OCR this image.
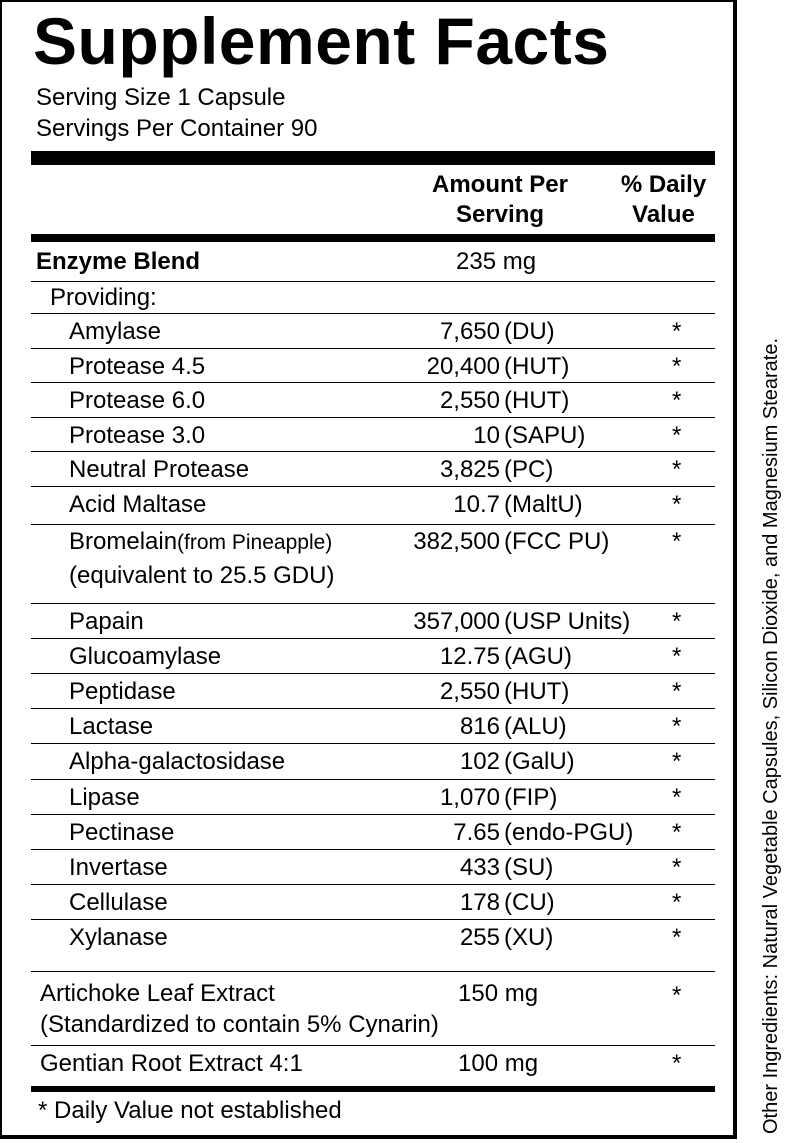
Supplement Facts
Serving Size 1 Capsule
Servings Per Container 90
Amount Per
Serving
% Daily
Value
Enzyme Blend	235 mg
Providing:
Amylase	7,650 (DU)	*
Protease 4.5	20,400 (HUT)	*
Protease 6.0	2,550 (HUT)	*
Protease 3.0	10 (SAPU)	*
Neutral Protease	3,825 (PC)	*
Acid Maltase	10.7 (MaltU)	*
Bromelain(from Pineapple)	382,500 (FCC PU)	*
(equivalent to 25.5 GDU)
Papain	357,000 (USP Units) *
Glucoamylase	12.75 (AGU)	*
Peptidase	2,550 (HUT)	*
Lactase	816 (ALU)	*
Alpha-galactosidase	102 (GalU)	*
Lipase	1,070 (FIP)	*
Pectinase	7.65 (endo-PGU) *
Invertase	433 (SU)	*
Cellulase	178 (CU)	*
Xylanase	255 (XU)	*
Artichoke Leaf Extract	150 mg	*
(Standardized to contain 5% Cynarin)
Gentian Root Extract 4:1	100 mg	*
* Daily Value not established	Other Ingredients: Natural Vegetable Capsules, Silicon Dioxide, and Magnesium Stearate.
